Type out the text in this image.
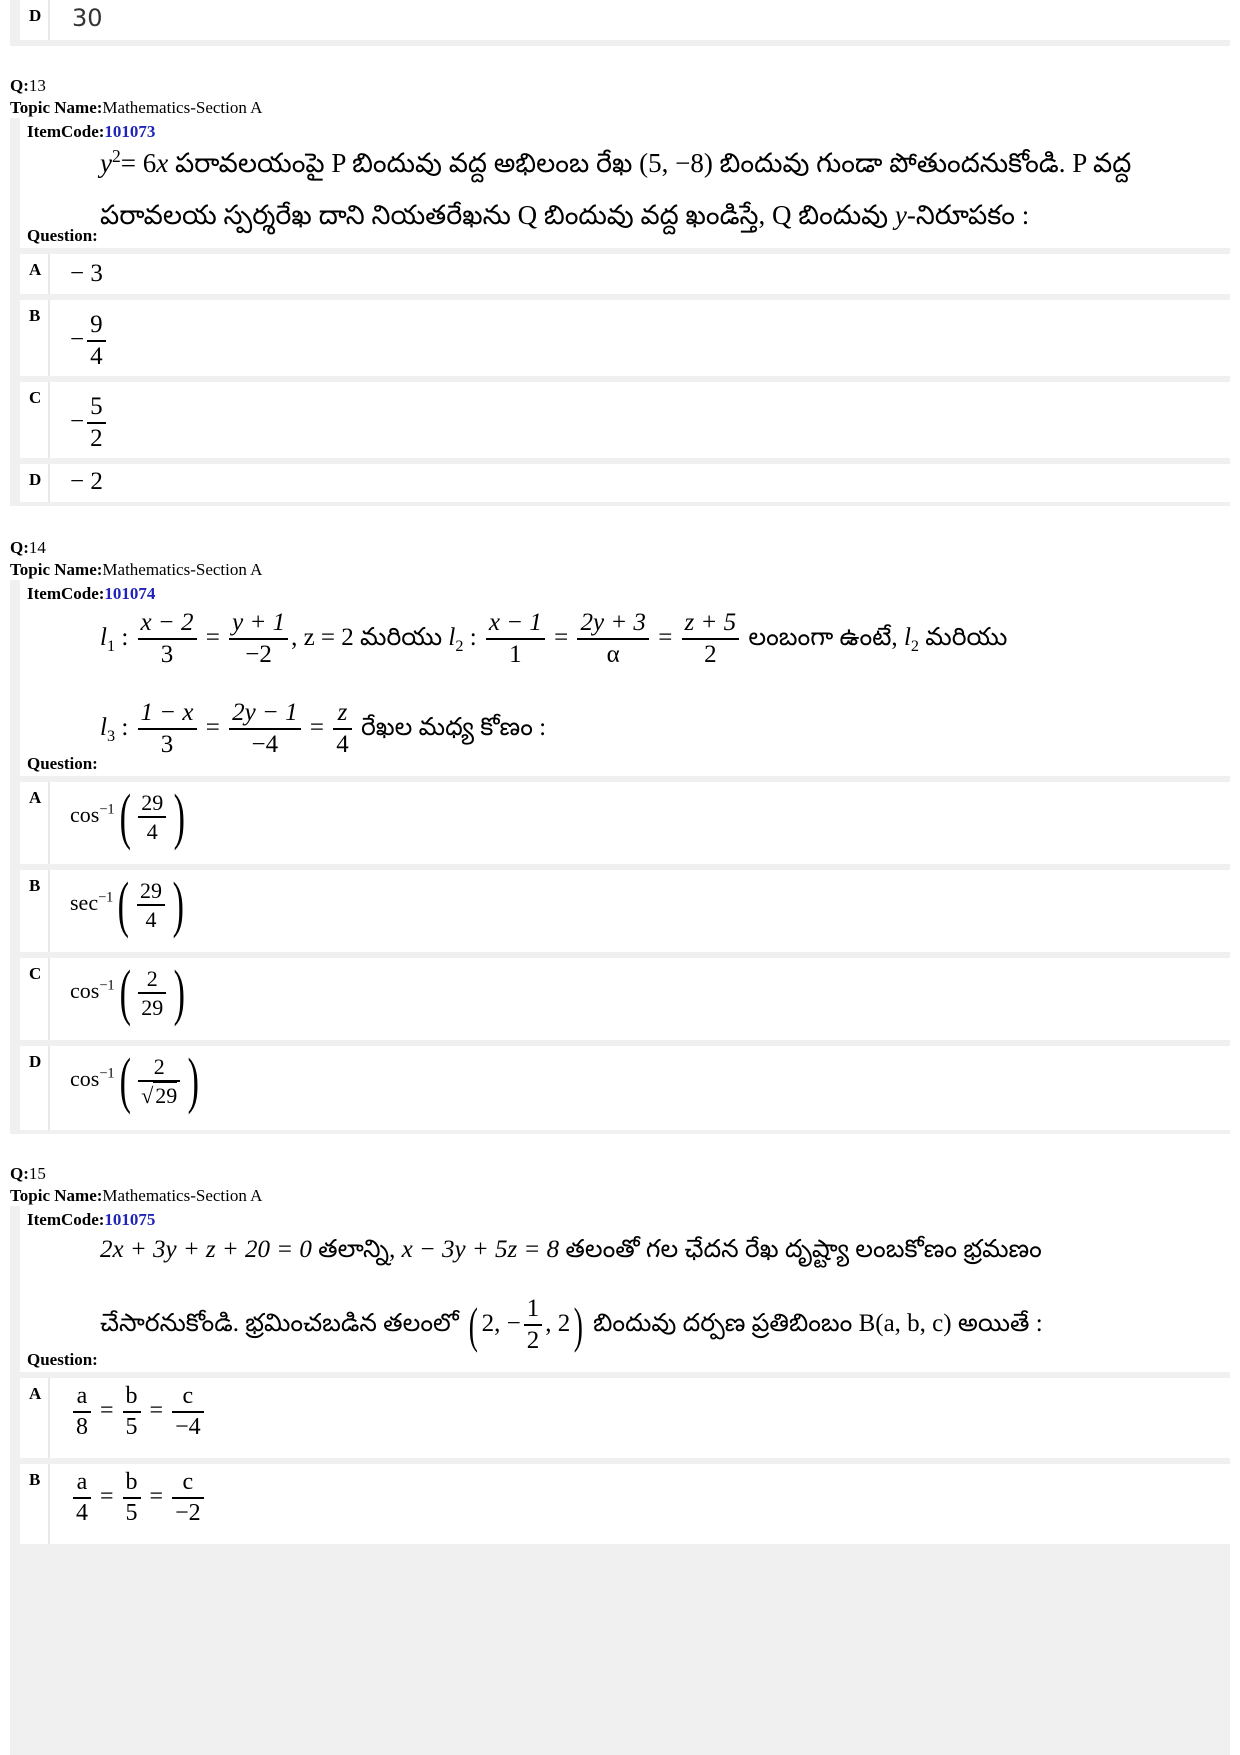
D	30
Q:13
Topic Name:Mathematics-Section A
ItemCode:101073
$y^2= 6x$ పరావలయంపై P బిందువు వద్ద అభిలంబ రేఖ (5, −8) బిందువు గుండా పోతుందనుకోండి. P వద్ద
పరావలయ స్పర్శరేఖ దాని నియతరేఖను Q బిందువు వద్ద ఖండిస్తే, Q బిందువు y-నిరూపకం :
Question:
A	− 3
B
− $\frac{9}{4}$
C
− $\frac{5}{2}$
D	− 2
Q:14
Topic Name:Mathematics-Section A
ItemCode:101074
$l_1$ : $\frac{x - 2}{3} = \frac{y + 1}{-2}$ , z = 2 మరియు $l_2$ : $\frac{x - 1}{1} = \frac{2y + 3}{\alpha} = \frac{z + 5}{2}$ లంబంగా ఉంటే, $l_2$ మరియు
$l_3$ : $\frac{1 - x}{3} = \frac{2y - 1}{-4} = \frac{z}{4}$ రేఖల మధ్య కోణం :
Question:
A
$\cos^{-1}( \frac{29}{4}$ )
B
$\sec^{-1}( \frac{29}{4}$ )
C
$\cos^{-1}( \frac{2}{29}$ )
D
$\cos^{-1}( \frac{2}{√29}$ )
Q:15
Topic Name:Mathematics-Section A
ItemCode:101075
2x + 3y + z + 20 = 0 తలాన్ని, x − 3y + 5z = 8 తలంతో గల ఛేదన రేఖ దృష్ట్యా లంబకోణం భ్రమణం
చేసారనుకోండి. భ్రమించబడిన తలంలో ( 2, − $\frac{1}{2}$ , 2) బిందువు దర్పణ ప్రతిబింబం B(a, b, c) అయితే :
Question:
A	$\frac{a}{8} = \frac{b}{5} = \frac{c}{-4}$
B	$\frac{a}{4} = \frac{b}{5} = \frac{c}{-2}$
